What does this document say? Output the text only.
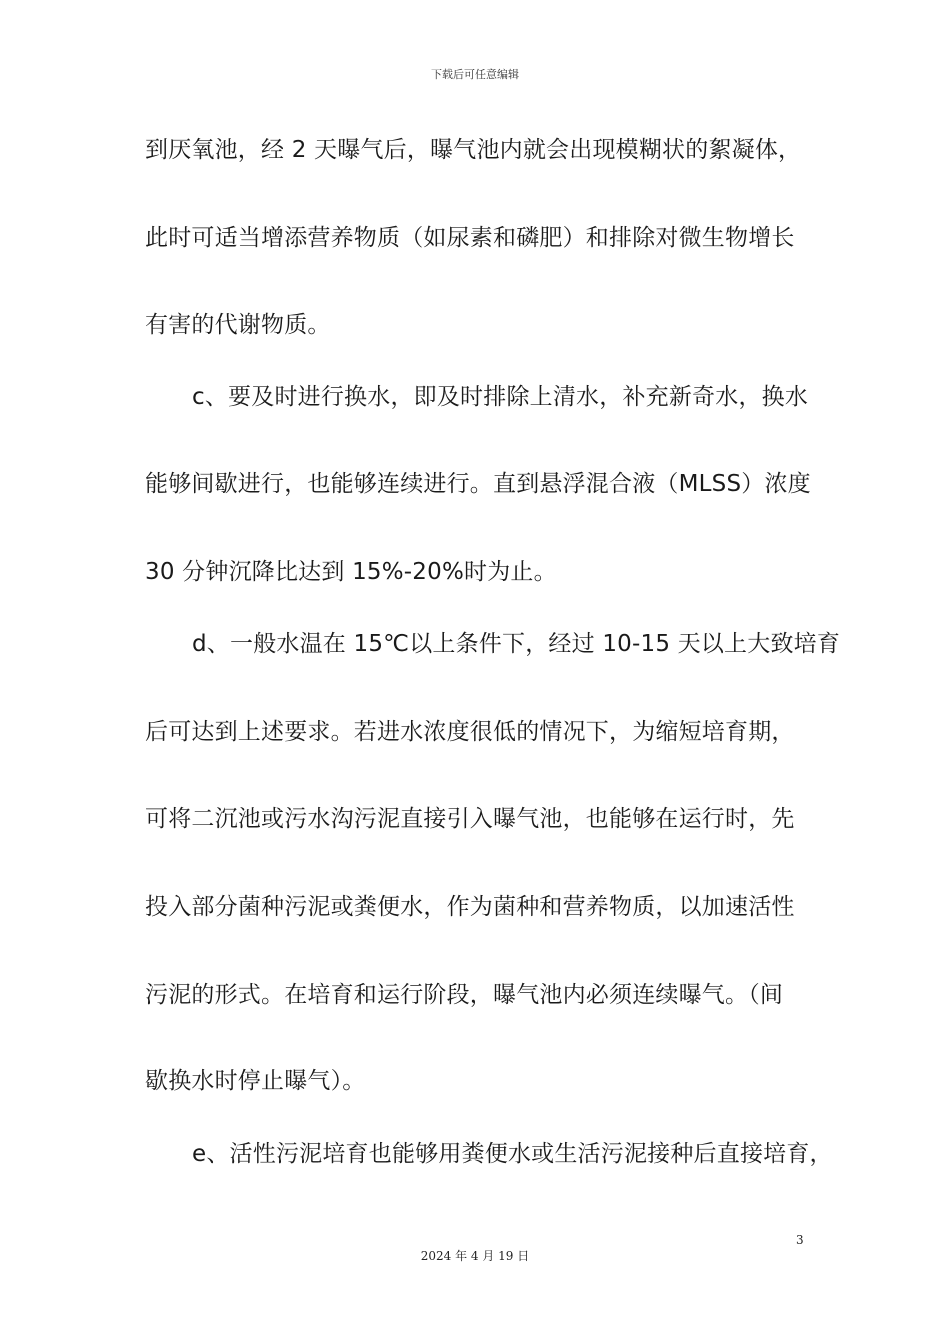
下载后可任意编辑
到厌氧池，经 2 天曝气后，曝气池内就会出现模糊状的絮凝体，
此时可适当增添营养物质（如尿素和磷肥）和排除对微生物增长
有害的代谢物质。
c、要及时进行换水，即及时排除上清水，补充新奇水，换水
能够间歇进行，也能够连续进行。直到悬浮混合液（MLSS）浓度
30 分钟沉降比达到 15%-20%时为止。
d、一般水温在 15℃以上条件下，经过 10-15 天以上大致培育
后可达到上述要求。若进水浓度很低的情况下，为缩短培育期，
可将二沉池或污水沟污泥直接引入曝气池，也能够在运行时，先
投入部分菌种污泥或粪便水，作为菌种和营养物质，以加速活性
污泥的形式。在培育和运行阶段，曝气池内必须连续曝气。（间
歇换水时停止曝气）。
e、活性污泥培育也能够用粪便水或生活污泥接种后直接培育，
3
2024 年 4 月 19 日
